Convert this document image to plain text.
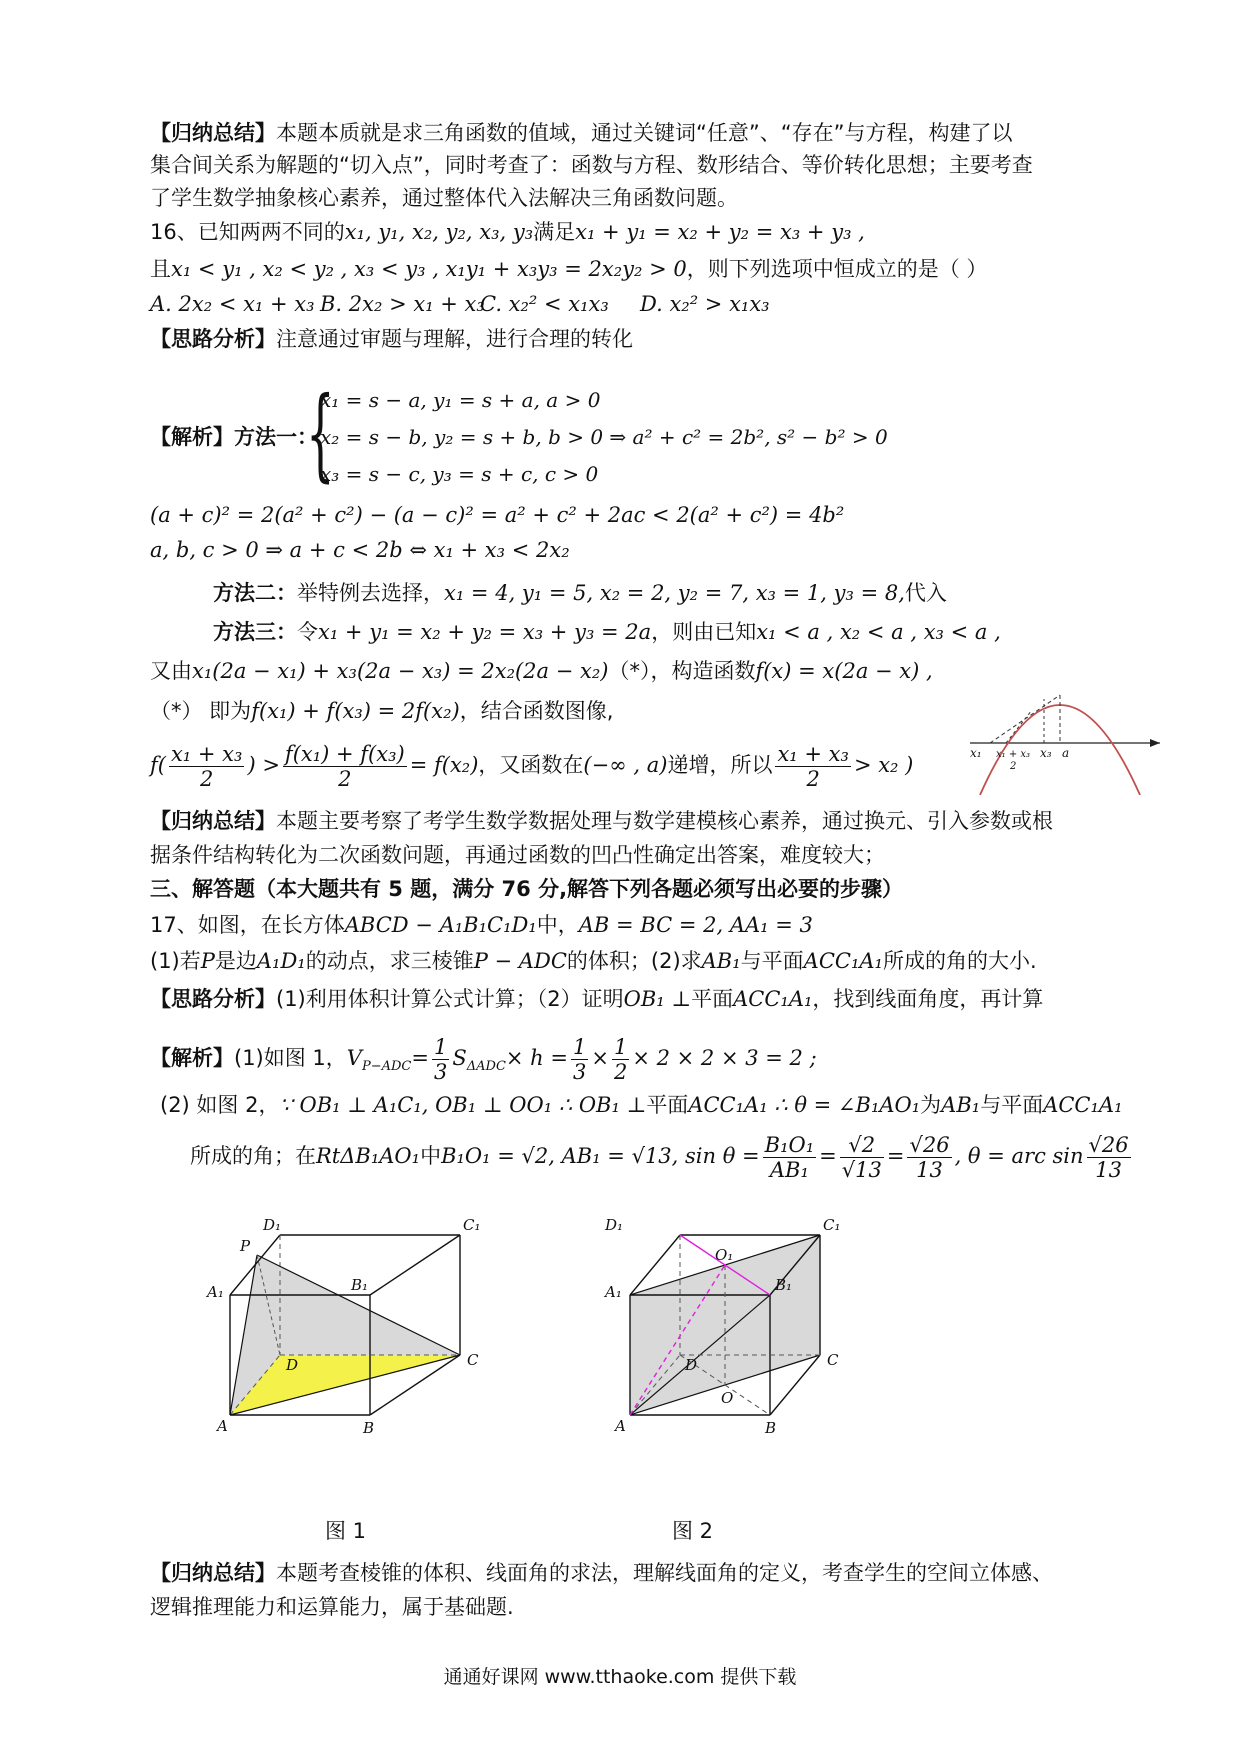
【归纳总结】本题本质就是求三角函数的值域，通过关键词“任意”、“存在”与方程，构建了以
集合间关系为解题的“切入点”，同时考查了：函数与方程、数形结合、等价转化思想；主要考查
了学生数学抽象核心素养，通过整体代入法解决三角函数问题。
16、已知两两不同的x₁, y₁, x₂, y₂, x₃, y₃满足x₁ + y₁ = x₂ + y₂ = x₃ + y₃ ,
且x₁ < y₁ , x₂ < y₂ , x₃ < y₃ , x₁y₁ + x₃y₃ = 2x₂y₂ > 0，则下列选项中恒成立的是（ ）
A. 2x₂ < x₁ + x₃ B. 2x₂ > x₁ + x₃
C. x₂² < x₁x₃ D. x₂² > x₁x₃
【思路分析】注意通过审题与理解，进行合理的转化
【解析】方法一：
{
x₁ = s − a, y₁ = s + a, a > 0
x₂ = s − b, y₂ = s + b, b > 0 ⇒ a² + c² = 2b², s² − b² > 0
x₃ = s − c, y₃ = s + c, c > 0
(a + c)² = 2(a² + c²) − (a − c)² = a² + c² + 2ac < 2(a² + c²) = 4b²
a, b, c > 0 ⇒ a + c < 2b ⇔ x₁ + x₃ < 2x₂
方法二：举特例去选择，x₁ = 4, y₁ = 5, x₂ = 2, y₂ = 7, x₃ = 1, y₃ = 8,代入
方法三：令x₁ + y₁ = x₂ + y₂ = x₃ + y₃ = 2a，则由已知x₁ < a , x₂ < a , x₃ < a ,
又由x₁(2a − x₁) + x₃(2a − x₃) = 2x₂(2a − x₂)（*），构造函数f(x) = x(2a − x) ,
（*） 即为f(x₁) + f(x₃) = 2f(x₂)，结合函数图像,
$f( \frac{\text{x₁ + x₃}}{2}$ ) > $\frac{\text{f(x₁) + f(x₃)}}{2} = f(x_2)$，又函数在(−∞ , a)递增，所以 $\frac{\text{x₁ + x₃}}{2} > x_2$ )	x₁ x₁ + x₃
2
x₃ a
【归纳总结】本题主要考察了考学生数学数据处理与数学建模核心素养，通过换元、引入参数或根
据条件结构转化为二次函数问题，再通过函数的凹凸性确定出答案，难度较大；
三、解答题（本大题共有 5 题，满分 76 分,解答下列各题必须写出必要的步骤）
17、如图，在长方体ABCD − A₁B₁C₁D₁中，AB = BC = 2, AA₁ = 3
(1)若P是边A₁D₁的动点，求三棱锥P − ADC的体积；(2)求AB₁与平面ACC₁A₁所成的角的大小.
【思路分析】(1)利用体积计算公式计算；（2）证明OB₁ ⊥平面ACC₁A₁，找到线面角度，再计算
【解析】(1)如图 1，$V_{P-ADC}= \frac{1}{3} S_{\Delta ADC}\times h = \frac{1}{3} \times \frac{1}{2} \times 2 \times 2 \times 3 = 2$ ;
(2) 如图 2，∵ OB₁ ⊥ A₁C₁, OB₁ ⊥ OO₁ ∴ OB₁ ⊥平面ACC₁A₁ ∴ θ = ∠B₁AO₁为AB₁与平面ACC₁A₁
所成的角；在RtΔB₁AO₁中B₁O₁ = √2, AB₁ = √13, $\sin \theta = \frac{\text{B₁O₁}}{\text{AB₁}} = \frac{√2}{√13} = \frac{√26}{13}$ , θ = arc $\sin \frac{√26}{13}$
D₁	C₁
P
B₁
A₁
D	C
A	B
D₁	C₁
O₁
B₁
A₁
D	C
O
A	B
图 1	图 2
【归纳总结】本题考查棱锥的体积、线面角的求法，理解线面角的定义，考查学生的空间立体感、
逻辑推理能力和运算能力，属于基础题.
通通好课网 www.tthaoke.com 提供下载
